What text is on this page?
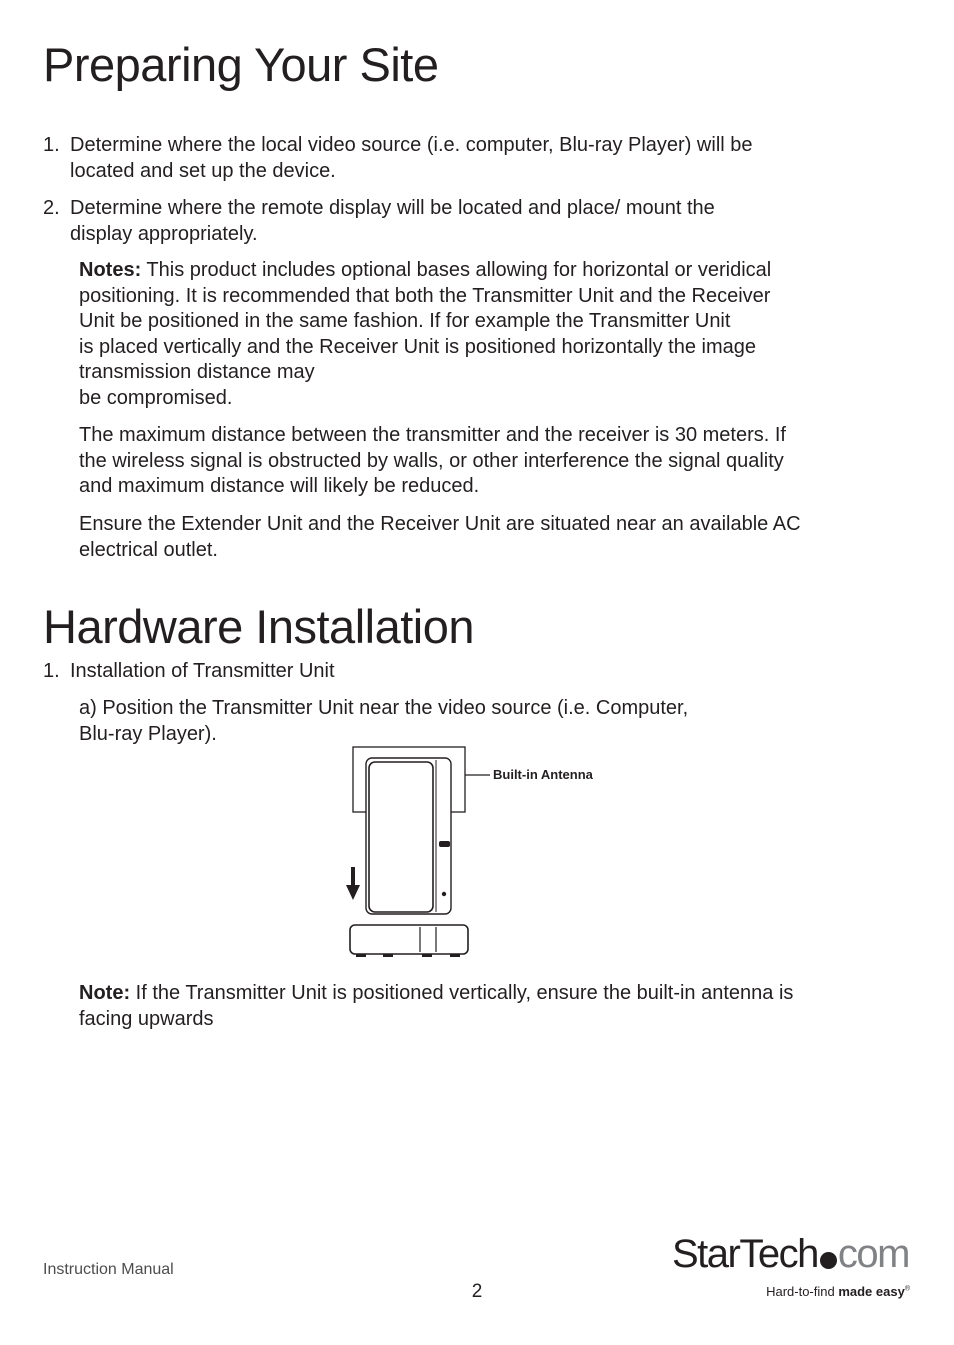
Preparing Your Site
1. Determine where the local video source (i.e. computer, Blu-ray Player) will be
located and set up the device.
2. Determine where the remote display will be located and place/ mount the
display appropriately.
Notes: This product includes optional bases allowing for horizontal or veridical
positioning. It is recommended that both the Transmitter Unit and the Receiver
Unit be positioned in the same fashion. If for example the Transmitter Unit
is placed vertically and the Receiver Unit is positioned horizontally the image
transmission distance may
be compromised.
The maximum distance between the transmitter and the receiver is 30 meters. If
the wireless signal is obstructed by walls, or other interference the signal quality
and maximum distance will likely be reduced.
Ensure the Extender Unit and the Receiver Unit are situated near an available AC
electrical outlet.
Hardware Installation
1. Installation of Transmitter Unit
a) Position the Transmitter Unit near the video source (i.e. Computer,
Blu-ray Player).
Built-in Antenna
Note: If the Transmitter Unit is positioned vertically, ensure the built-in antenna is
facing upwards
Instruction Manual
2
StarTech com
Hard-to-find made easy®
